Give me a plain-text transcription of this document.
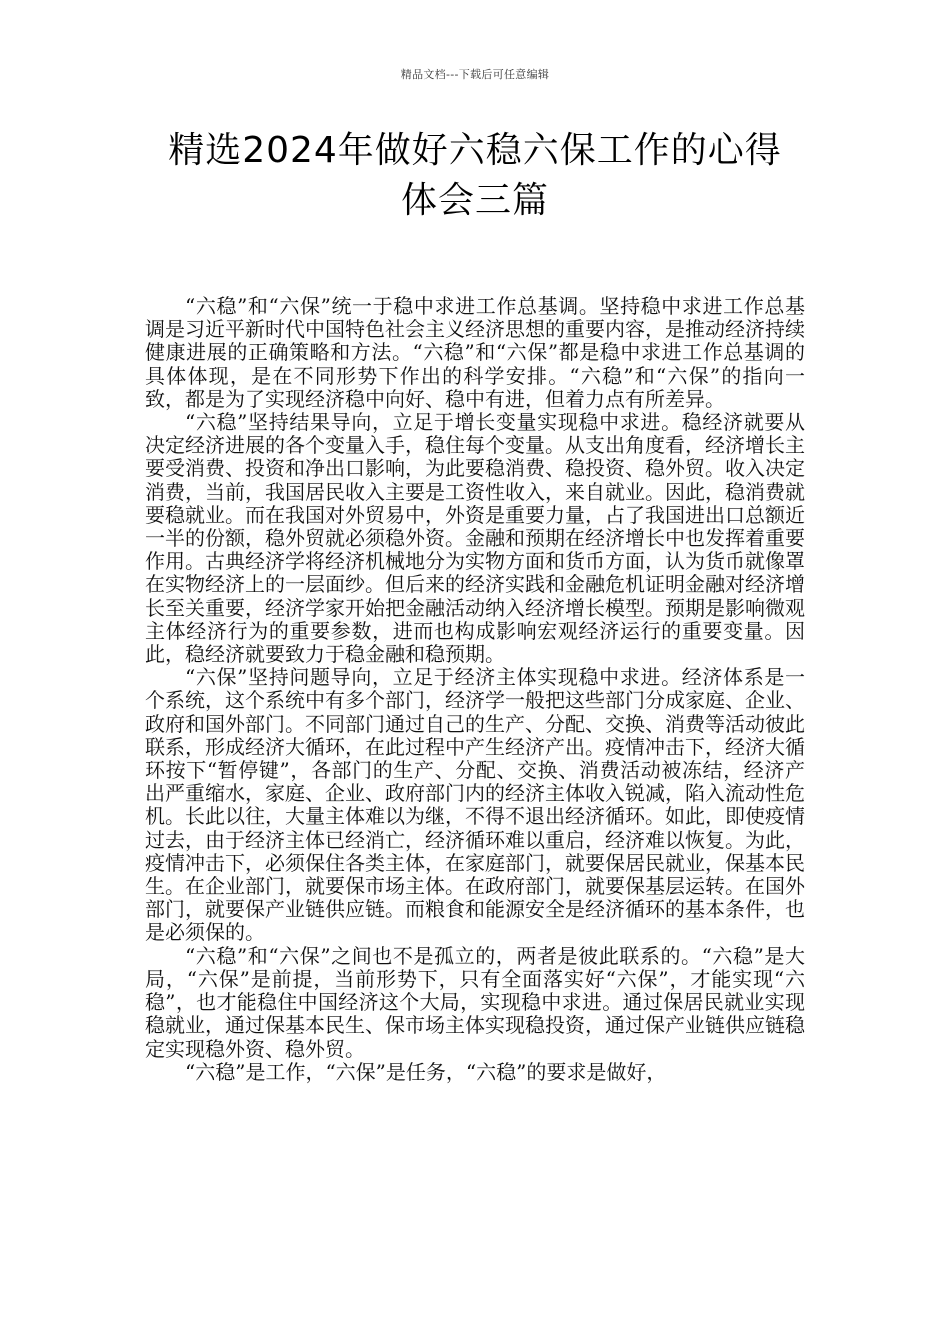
精品文档---下载后可任意编辑
精选2024年做好六稳六保工作的心得
体会三篇

“六稳”和“六保”统一于稳中求进工作总基调。坚持稳中求进工作总基调是习近平新时代中国特色社会主义经济思想的重要内容，是推动经济持续健康进展的正确策略和方法。“六稳”和“六保”都是稳中求进工作总基调的具体体现，是在不同形势下作出的科学安排。“六稳”和“六保”的指向一致，都是为了实现经济稳中向好、稳中有进，但着力点有所差异。

“六稳”坚持结果导向，立足于增长变量实现稳中求进。稳经济就要从决定经济进展的各个变量入手，稳住每个变量。从支出角度看，经济增长主要受消费、投资和净出口影响，为此要稳消费、稳投资、稳外贸。收入决定消费，当前，我国居民收入主要是工资性收入，来自就业。因此，稳消费就要稳就业。而在我国对外贸易中，外资是重要力量，占了我国进出口总额近一半的份额，稳外贸就必须稳外资。金融和预期在经济增长中也发挥着重要作用。古典经济学将经济机械地分为实物方面和货币方面，认为货币就像罩在实物经济上的一层面纱。但后来的经济实践和金融危机证明金融对经济增长至关重要，经济学家开始把金融活动纳入经济增长模型。预期是影响微观主体经济行为的重要参数，进而也构成影响宏观经济运行的重要变量。因此，稳经济就要致力于稳金融和稳预期。

“六保”坚持问题导向，立足于经济主体实现稳中求进。经济体系是一个系统，这个系统中有多个部门，经济学一般把这些部门分成家庭、企业、政府和国外部门。不同部门通过自己的生产、分配、交换、消费等活动彼此联系，形成经济大循环，在此过程中产生经济产出。疫情冲击下，经济大循环按下“暂停键”，各部门的生产、分配、交换、消费活动被冻结，经济产出严重缩水，家庭、企业、政府部门内的经济主体收入锐减，陷入流动性危机。长此以往，大量主体难以为继，不得不退出经济循环。如此，即使疫情过去，由于经济主体已经消亡，经济循环难以重启，经济难以恢复。为此，疫情冲击下，必须保住各类主体，在家庭部门，就要保居民就业，保基本民生。在企业部门，就要保市场主体。在政府部门，就要保基层运转。在国外部门，就要保产业链供应链。而粮食和能源安全是经济循环的基本条件，也是必须保的。

“六稳”和“六保”之间也不是孤立的，两者是彼此联系的。“六稳”是大局，“六保”是前提，当前形势下，只有全面落实好“六保”，才能实现“六稳”，也才能稳住中国经济这个大局，实现稳中求进。通过保居民就业实现稳就业，通过保基本民生、保市场主体实现稳投资，通过保产业链供应链稳定实现稳外资、稳外贸。

“六稳”是工作，“六保”是任务，“六稳”的要求是做好，
